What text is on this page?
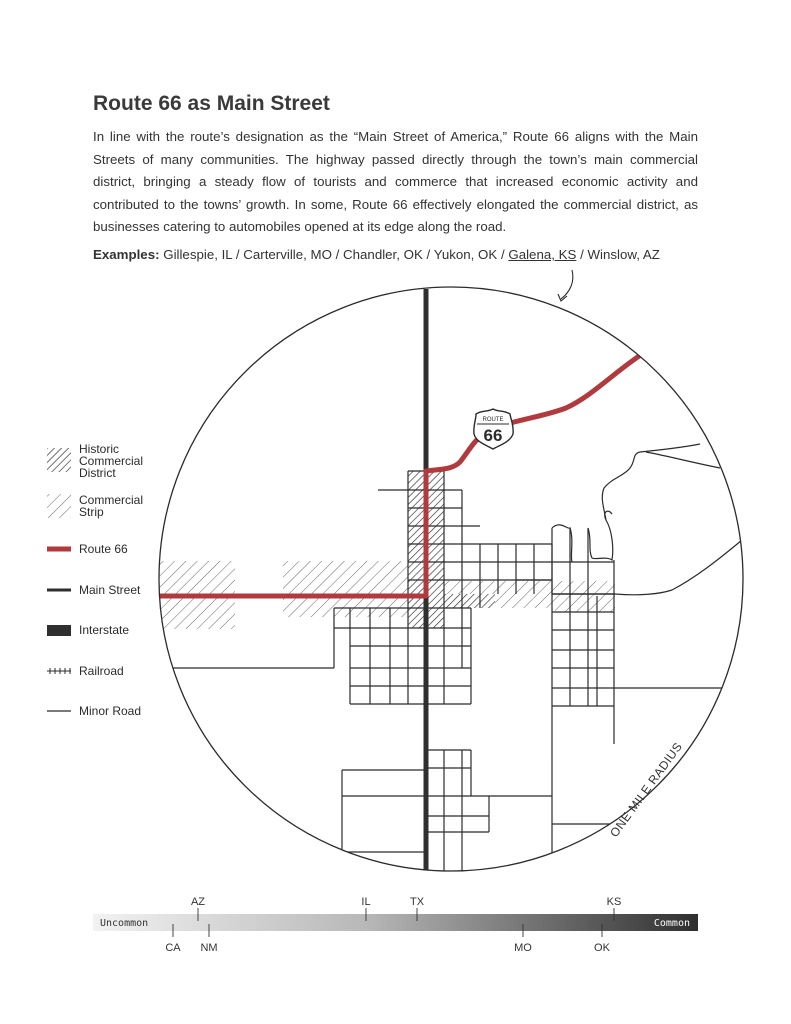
Route 66 as Main Street

In line with the route’s designation as the “Main Street of America,” Route 66 aligns with the Main Streets of many communities. The highway passed directly through the town’s main commercial district, bringing a steady flow of tourists and commerce that increased economic activity and contributed to the towns’ growth. In some, Route 66 effectively elongated the commercial district, as businesses catering to automobiles opened at its edge along the road.

Examples: Gillespie, IL / Carterville, MO / Chandler, OK / Yukon, OK / Galena, KS / Winslow, AZ
ROUTE
66
ONE MILE RADIUS
Historic
Commercial
District
Commercial
Strip
Route 66
Main Street
Interstate
Railroad
Minor Road
Uncommon	Common
AZ	IL	TX	KS
CA NM	MO	OK
